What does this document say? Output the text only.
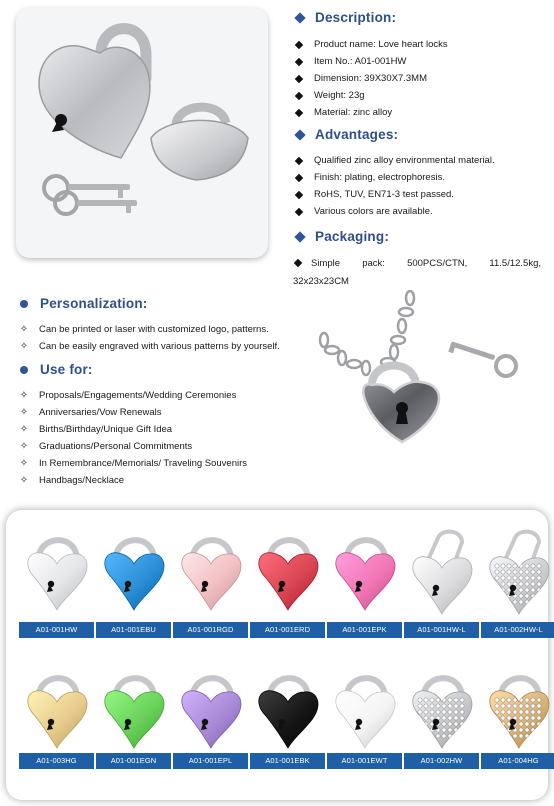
Description:
Product name: Love heart locks
Item No.: A01-001HW
Dimension: 39X30X7.3MM
Weight: 23g
Material: zinc alloy
Advantages:
Qualified zinc alloy environmental material.
Finish: plating, electrophoresis.
RoHS, TUV, EN71-3 test passed.
Various colors are available.
Packaging:
Simple pack: 500PCS/CTN, 11.5/12.5kg,
32x23x23CM
Personalization:
✧ Can be printed or laser with customized logo, patterns.
✧ Can be easily engraved with various patterns by yourself.
Use for:
✧ Proposals/Engagements/Wedding Ceremonies
✧ Anniversaries/Vow Renewals
✧ Births/Birthday/Unique Gift Idea
✧ Graduations/Personal Commitments
✧ In Remembrance/Memorials/ Traveling Souvenirs
✧ Handbags/Necklace
A01-001HW	A01-001EBU	A01-001RGD	A01-001ERD	A01-001EPK	A01-001HW-L	A01-002HW-L
A01-003HG	A01-001EGN	A01-001EPL	A01-001EBK	A01-001EWT	A01-002HW	A01-004HG
